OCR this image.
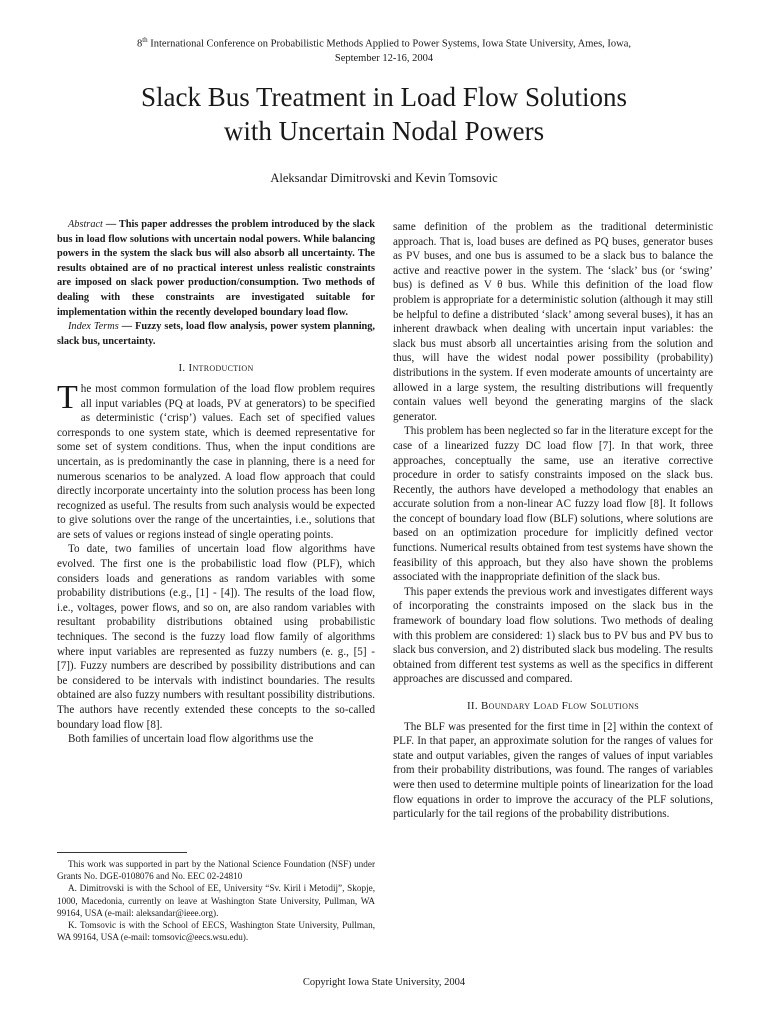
8th International Conference on Probabilistic Methods Applied to Power Systems, Iowa State University, Ames, Iowa,
September 12-16, 2004
Slack Bus Treatment in Load Flow Solutions
with Uncertain Nodal Powers
Aleksandar Dimitrovski and Kevin Tomsovic

Abstract — This paper addresses the problem introduced by the slack bus in load flow solutions with uncertain nodal powers. While balancing powers in the system the slack bus will also absorb all uncertainty. The results obtained are of no practical interest unless realistic constraints are imposed on slack power production/consumption. Two methods of dealing with these constraints are investigated suitable for implementation within the recently developed boundary load flow.

Index Terms — Fuzzy sets, load flow analysis, power system planning, slack bus, uncertainty.

I. Introduction

The most common formulation of the load flow problem requires all input variables (PQ at loads, PV at generators) to be specified as deterministic (‘crisp’) values. Each set of specified values corresponds to one system state, which is deemed representative for some set of system conditions. Thus, when the input conditions are uncertain, as is predominantly the case in planning, there is a need for numerous scenarios to be analyzed. A load flow approach that could directly incorporate uncertainty into the solution process has been long recognized as useful. The results from such analysis would be expected to give solutions over the range of the uncertainties, i.e., solutions that are sets of values or regions instead of single operating points.

To date, two families of uncertain load flow algorithms have evolved. The first one is the probabilistic load flow (PLF), which considers loads and generations as random variables with some probability distributions (e.g., [1] - [4]). The results of the load flow, i.e., voltages, power flows, and so on, are also random variables with resultant probability distributions obtained using probabilistic techniques. The second is the fuzzy load flow family of algorithms where input variables are represented as fuzzy numbers (e. g., [5] - [7]). Fuzzy numbers are described by possibility distributions and can be considered to be intervals with indistinct boundaries. The results obtained are also fuzzy numbers with resultant possibility distributions. The authors have recently extended these concepts to the so-called boundary load flow [8].

Both families of uncertain load flow algorithms use the

This work was supported in part by the National Science Foundation (NSF) under Grants No. DGE-0108076 and No. EEC 02-24810

A. Dimitrovski is with the School of EE, University “Sv. Kiril i Metodij”, Skopje, 1000, Macedonia, currently on leave at Washington State University, Pullman, WA 99164, USA (e-mail: aleksandar@ieee.org).

K. Tomsovic is with the School of EECS, Washington State University, Pullman, WA 99164, USA (e-mail: tomsovic@eecs.wsu.edu).

same definition of the problem as the traditional deterministic approach. That is, load buses are defined as PQ buses, generator buses as PV buses, and one bus is assumed to be a slack bus to balance the active and reactive power in the system. The ‘slack’ bus (or ‘swing’ bus) is defined as V θ bus. While this definition of the load flow problem is appropriate for a deterministic solution (although it may still be helpful to define a distributed ‘slack’ among several buses), it has an inherent drawback when dealing with uncertain input variables: the slack bus must absorb all uncertainties arising from the solution and thus, will have the widest nodal power possibility (probability) distributions in the system. If even moderate amounts of uncertainty are allowed in a large system, the resulting distributions will frequently contain values well beyond the generating margins of the slack generator.

This problem has been neglected so far in the literature except for the case of a linearized fuzzy DC load flow [7]. In that work, three approaches, conceptually the same, use an iterative corrective procedure in order to satisfy constraints imposed on the slack bus. Recently, the authors have developed a methodology that enables an accurate solution from a non-linear AC fuzzy load flow [8]. It follows the concept of boundary load flow (BLF) solutions, where solutions are based on an optimization procedure for implicitly defined vector functions. Numerical results obtained from test systems have shown the feasibility of this approach, but they also have shown the problems associated with the inappropriate definition of the slack bus.

This paper extends the previous work and investigates different ways of incorporating the constraints imposed on the slack bus in the framework of boundary load flow solutions. Two methods of dealing with this problem are considered: 1) slack bus to PV bus and PV bus to slack bus conversion, and 2) distributed slack bus modeling. The results obtained from different test systems as well as the specifics in different approaches are discussed and compared.

II. Boundary Load Flow Solutions

The BLF was presented for the first time in [2] within the context of PLF. In that paper, an approximate solution for the ranges of values for state and output variables, given the ranges of values of input variables from their probability distributions, was found. The ranges of variables were then used to determine multiple points of linearization for the load flow equations in order to improve the accuracy of the PLF solutions, particularly for the tail regions of the probability distributions.

Copyright Iowa State University, 2004
